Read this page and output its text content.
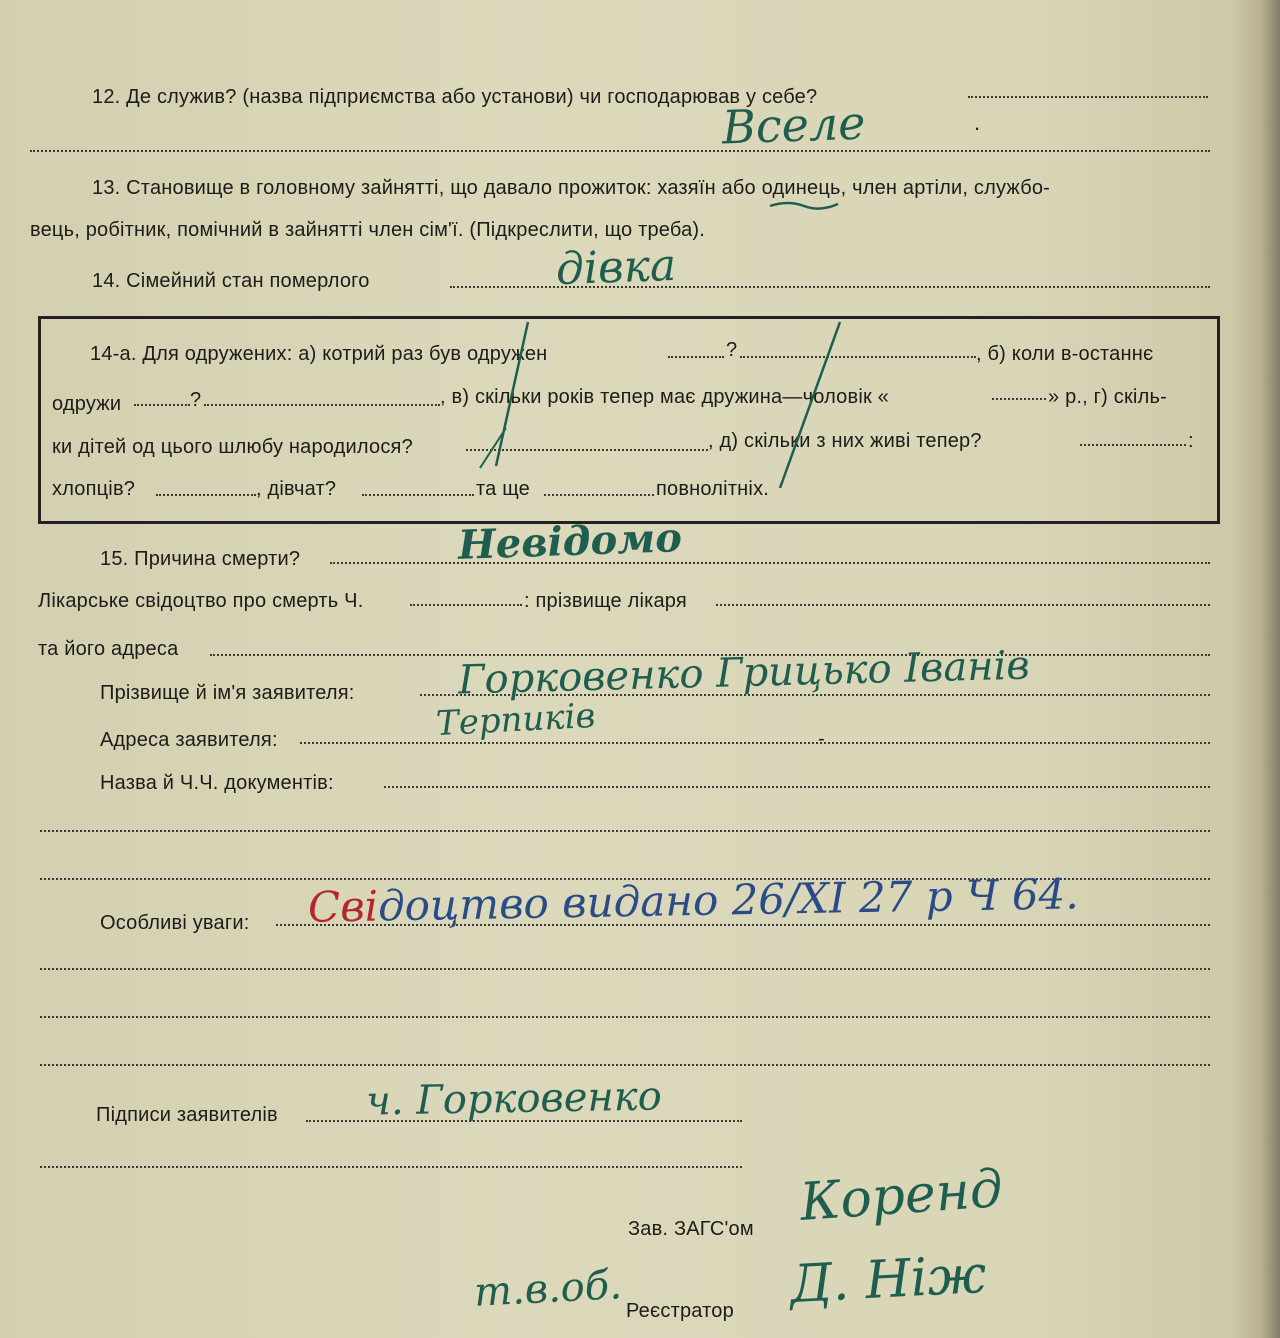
12. Де служив? (назва підприємства або установи) чи господарював у себе?
Вселе	.
13. Становище в головному зайнятті, що давало прожиток: хазяїн або одинець, член артіли, службо-
вець, робітник, помічний в зайнятті член сім'ї. (Підкреслити, що треба).
14. Сімейний стан померлого	дівка
14-а. Для одружених: а) котрий раз був одружен	?	, б) коли в-останнє
одружи	?	, в) скільки років тепер має дружина—чоловік «	» р., г) скіль-
ки дітей од цього шлюбу народилося?	, д) скільки з них живі тепер?	:
хлопців?	, дівчат?	та ще	повнолітніх.
15. Причина смерти?	Невідомо
Лікарське свідоцтво про смерть Ч.	: прізвище лікаря
та його адреса
Прізвище й ім'я заявителя:	Горковенко Грицько Іванів
Терпиків
Адреса заявителя:	-
Назва й Ч.Ч. документів:
Особливі уваги: Свідоцтво видано 26/ХІ 27 р Ч 64.
Підписи заявителів ч. Горковенко
Зав. ЗАГС'ом Коренд
т.в.об. Реєстратор Д. Ніж
